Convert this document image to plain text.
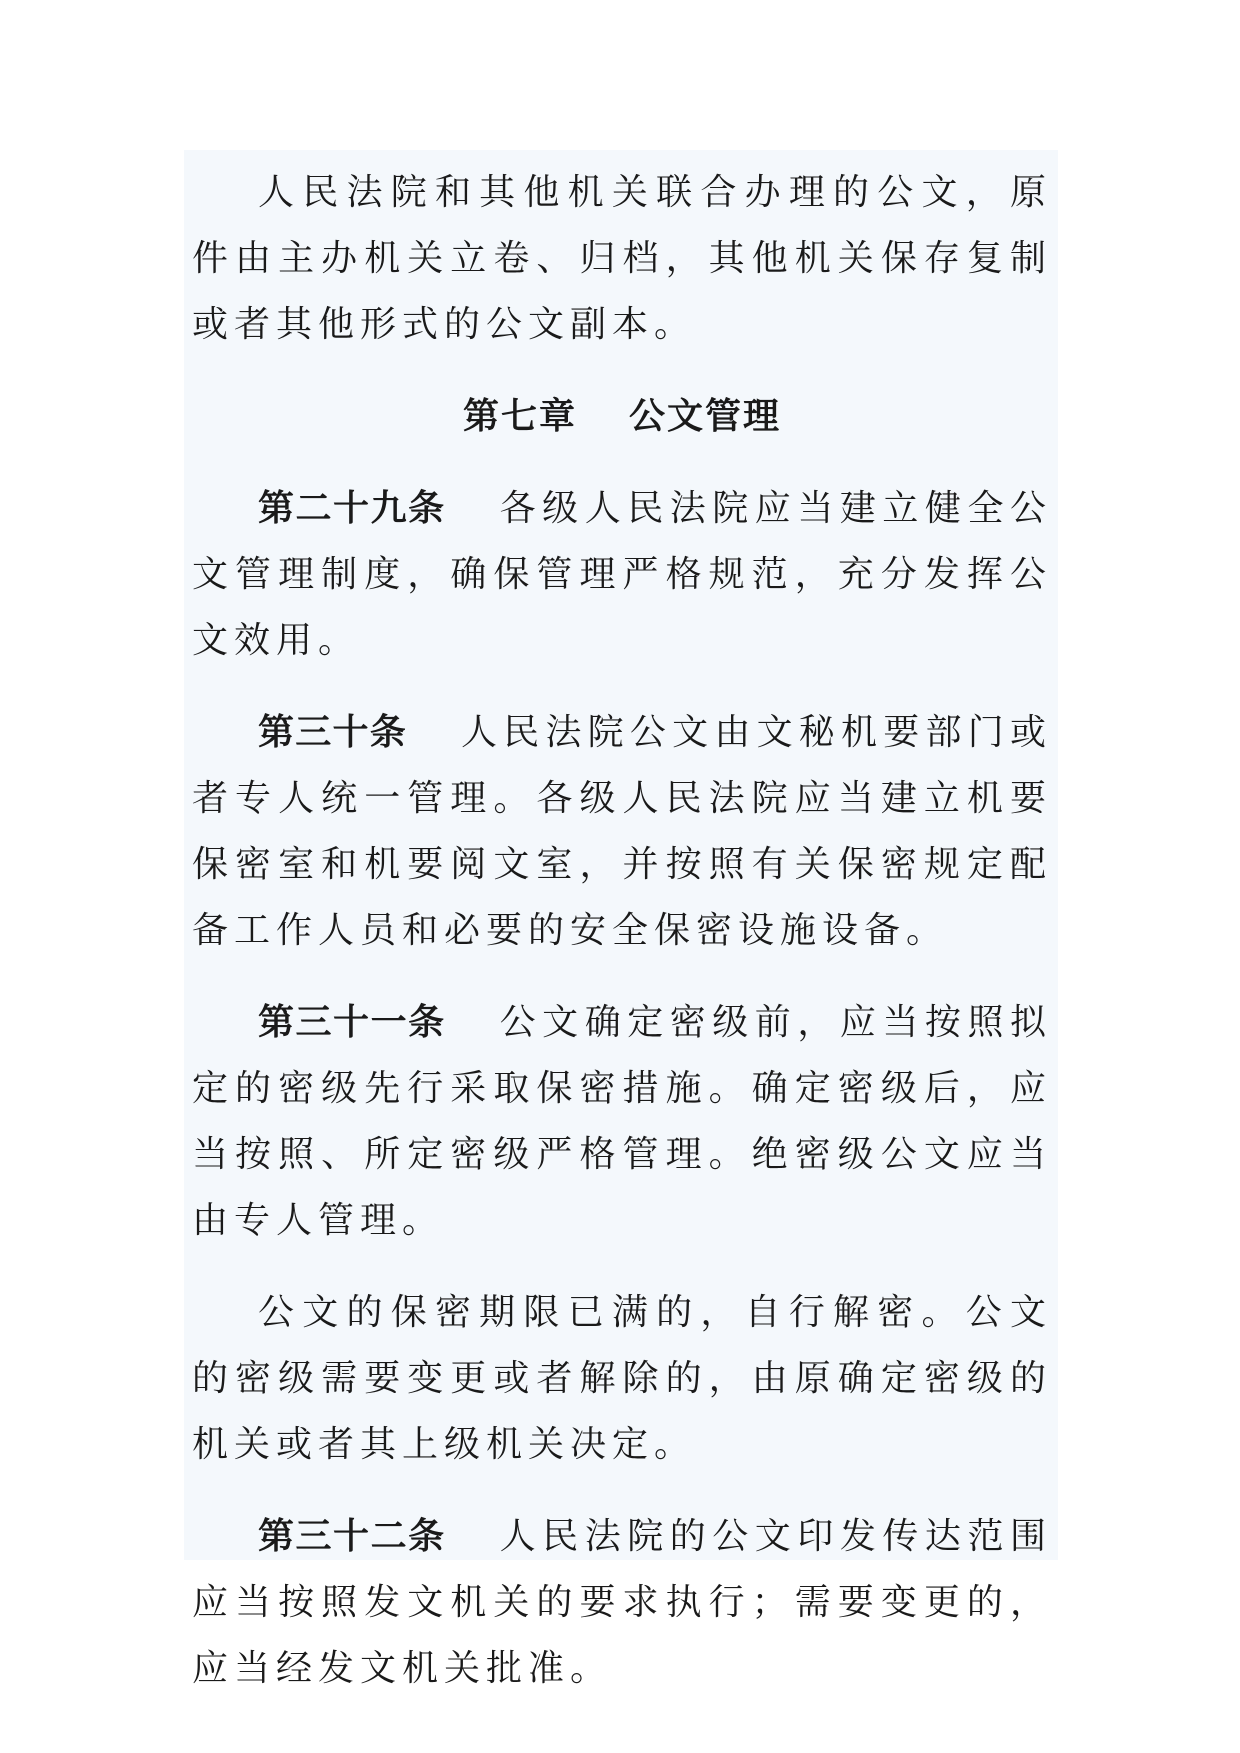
人民法院和其他机关联合办理的公文，原件由主办机关立卷、归档，其他机关保存复制或者其他形式的公文副本。

第七章 公文管理

第二十九条 各级人民法院应当建立健全公文管理制度，确保管理严格规范，充分发挥公文效用。

第三十条 人民法院公文由文秘机要部门或者专人统一管理。各级人民法院应当建立机要保密室和机要阅文室，并按照有关保密规定配备工作人员和必要的安全保密设施设备。

第三十一条 公文确定密级前，应当按照拟定的密级先行采取保密措施。确定密级后，应当按照、所定密级严格管理。绝密级公文应当由专人管理。

公文的保密期限已满的，自行解密。公文的密级需要变更或者解除的，由原确定密级的机关或者其上级机关决定。

第三十二条 人民法院的公文印发传达范围应当按照发文机关的要求执行；需要变更的，应当经发文机关批准。
